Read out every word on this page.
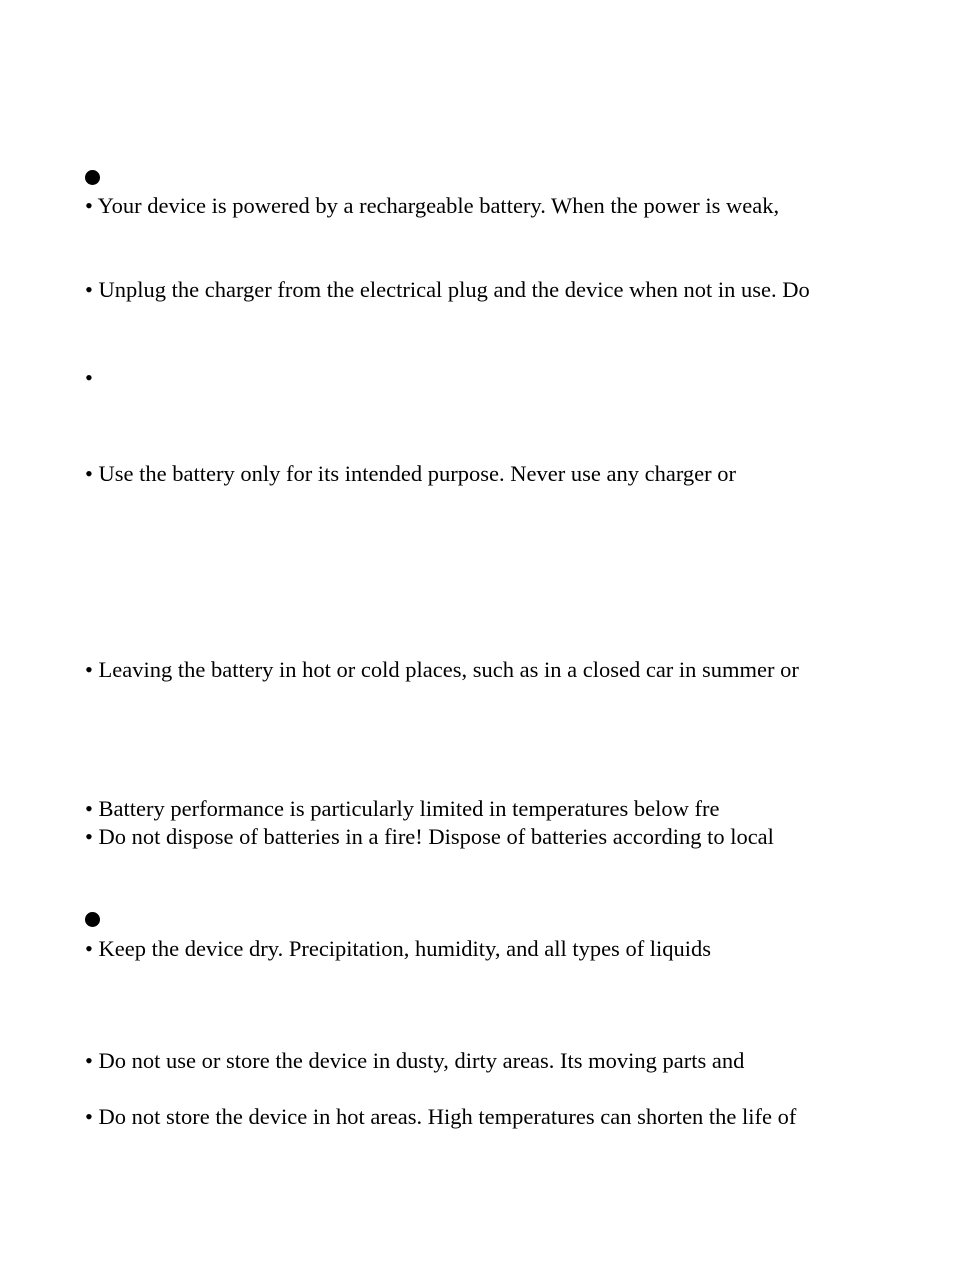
• Your device is powered by a rechargeable battery. When the power is weak,
• Unplug the charger from the electrical plug and the device when not in use. Do
•
• Use the battery only for its intended purpose. Never use any charger or
• Leaving the battery in hot or cold places, such as in a closed car in summer or
• Battery performance is particularly limited in temperatures below fre
• Do not dispose of batteries in a fire! Dispose of batteries according to local
• Keep the device dry. Precipitation, humidity, and all types of liquids
• Do not use or store the device in dusty, dirty areas. Its moving parts and
• Do not store the device in hot areas. High temperatures can shorten the life of
